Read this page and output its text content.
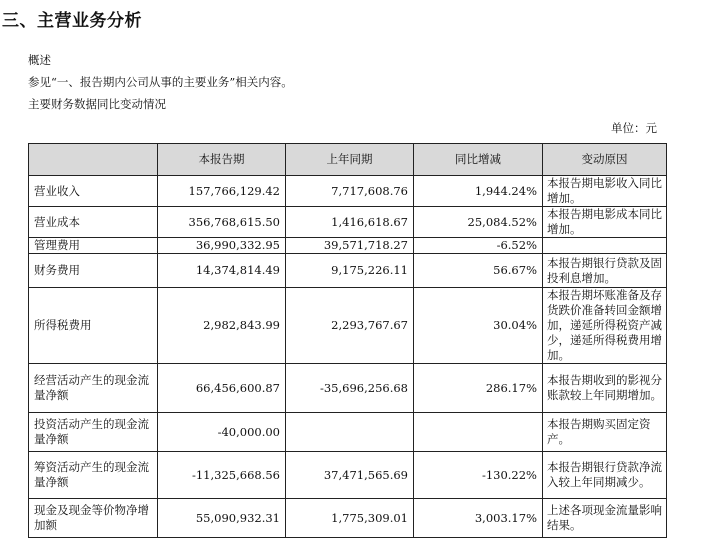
三、主营业务分析
概述
参见“一、报告期内公司从事的主要业务”相关内容。
主要财务数据同比变动情况
单位：元
	本报告期	上年同期	同比增减	变动原因
营业收入	157,766,129.42	7,717,608.76	1,944.24%	本报告期电影收入同比增加。
营业成本	356,768,615.50	1,416,618.67	25,084.52%	本报告期电影成本同比增加。
管理费用	36,990,332.95	39,571,718.27	-6.52%	
财务费用	14,374,814.49	9,175,226.11	56.67%	本报告期银行贷款及固投利息增加。
所得税费用	2,982,843.99	2,293,767.67	30.04%	本报告期坏账准备及存货跌价准备转回金额增加，递延所得税资产减少，递延所得税费用增加。
经营活动产生的现金流量净额	66,456,600.87	-35,696,256.68	286.17%	本报告期收到的影视分账款较上年同期增加。
投资活动产生的现金流量净额	-40,000.00			本报告期购买固定资产。
筹资活动产生的现金流量净额	-11,325,668.56	37,471,565.69	-130.22%	本报告期银行贷款净流入较上年同期减少。
现金及现金等价物净增加额	55,090,932.31	1,775,309.01	3,003.17%	上述各项现金流量影响结果。
